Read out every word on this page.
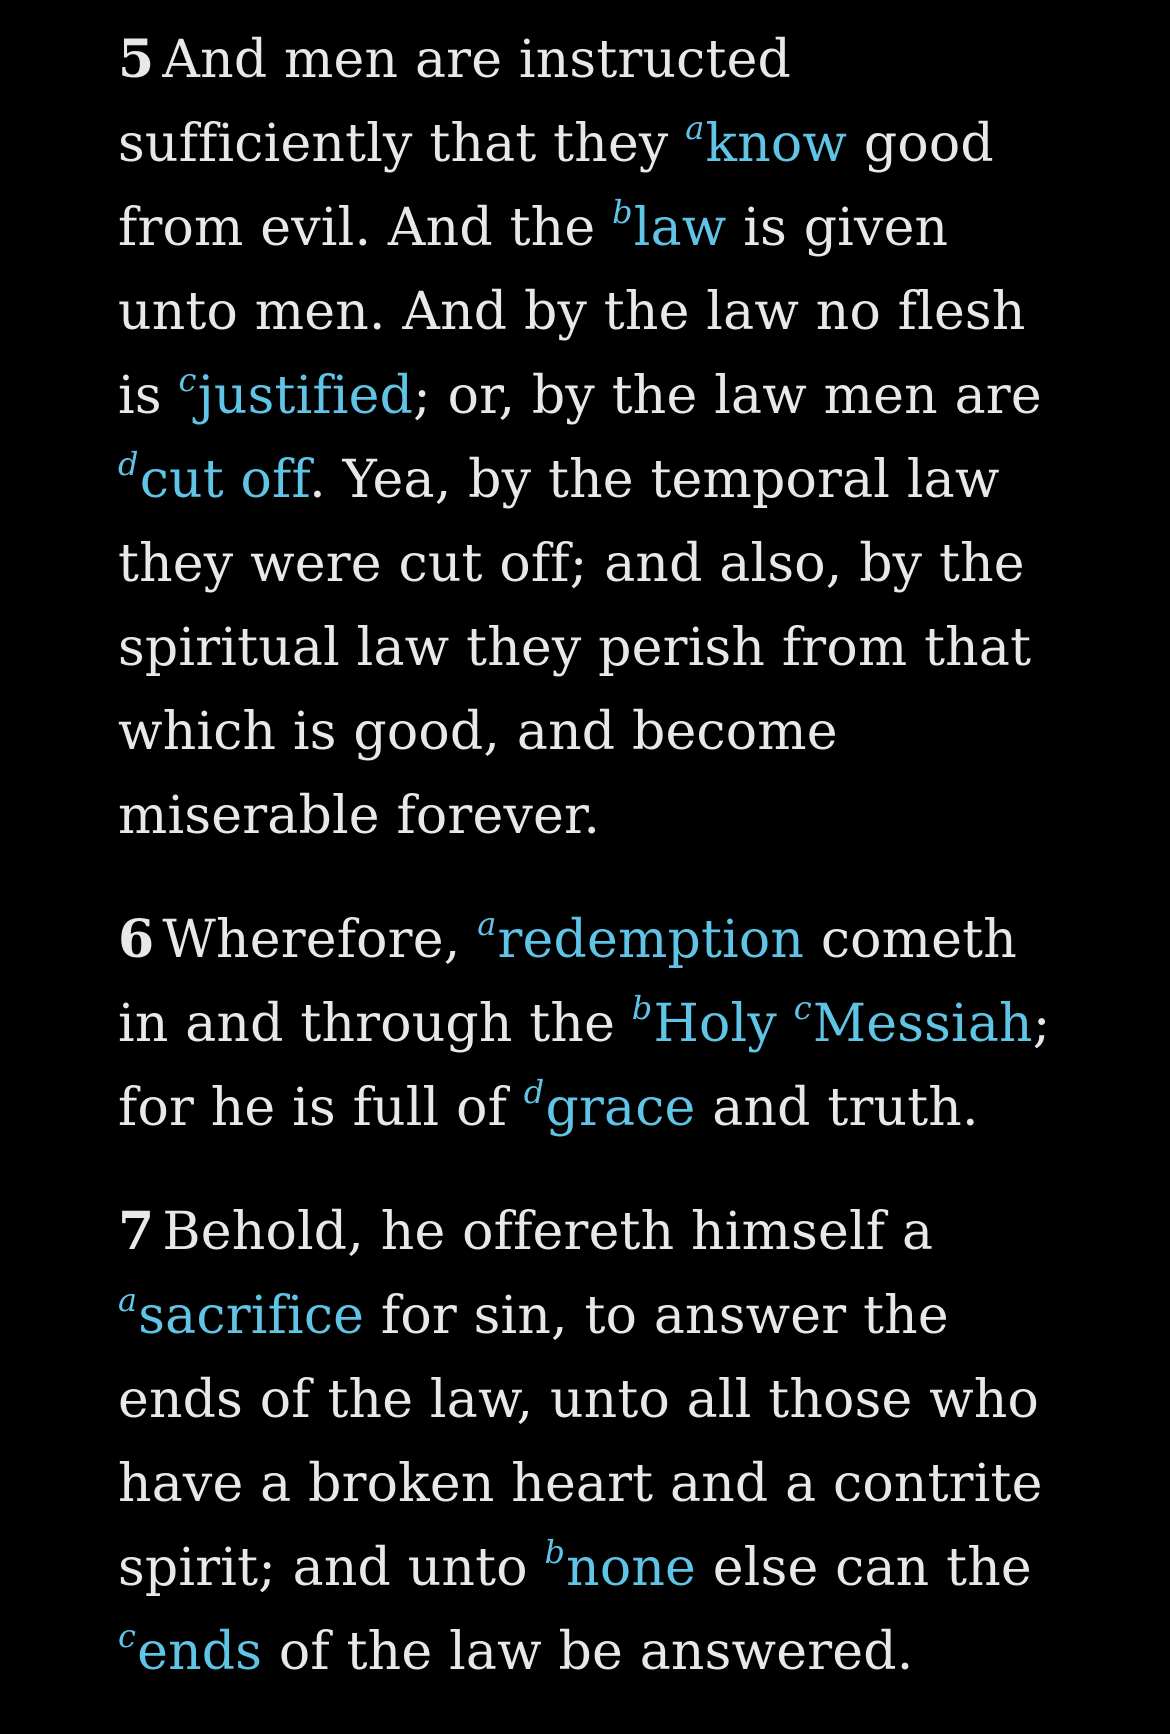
5 And men are instructed sufficiently that they $^a$know good from evil. And the $^b$law is given unto men. And by the law no flesh is $^c$justified; or, by the law men are $^d$cut off. Yea, by the temporal law they were cut off; and also, by the spiritual law they perish from that which is good, and become miserable forever.

6 Wherefore, $^a$redemption cometh in and through the $^b$Holy $^c$Messiah; for he is full of $^d$grace and truth.

7 Behold, he offereth himself a $^a$sacrifice for sin, to answer the ends of the law, unto all those who have a broken heart and a contrite spirit; and unto $^b$none else can the $^c$ends of the law be answered.
